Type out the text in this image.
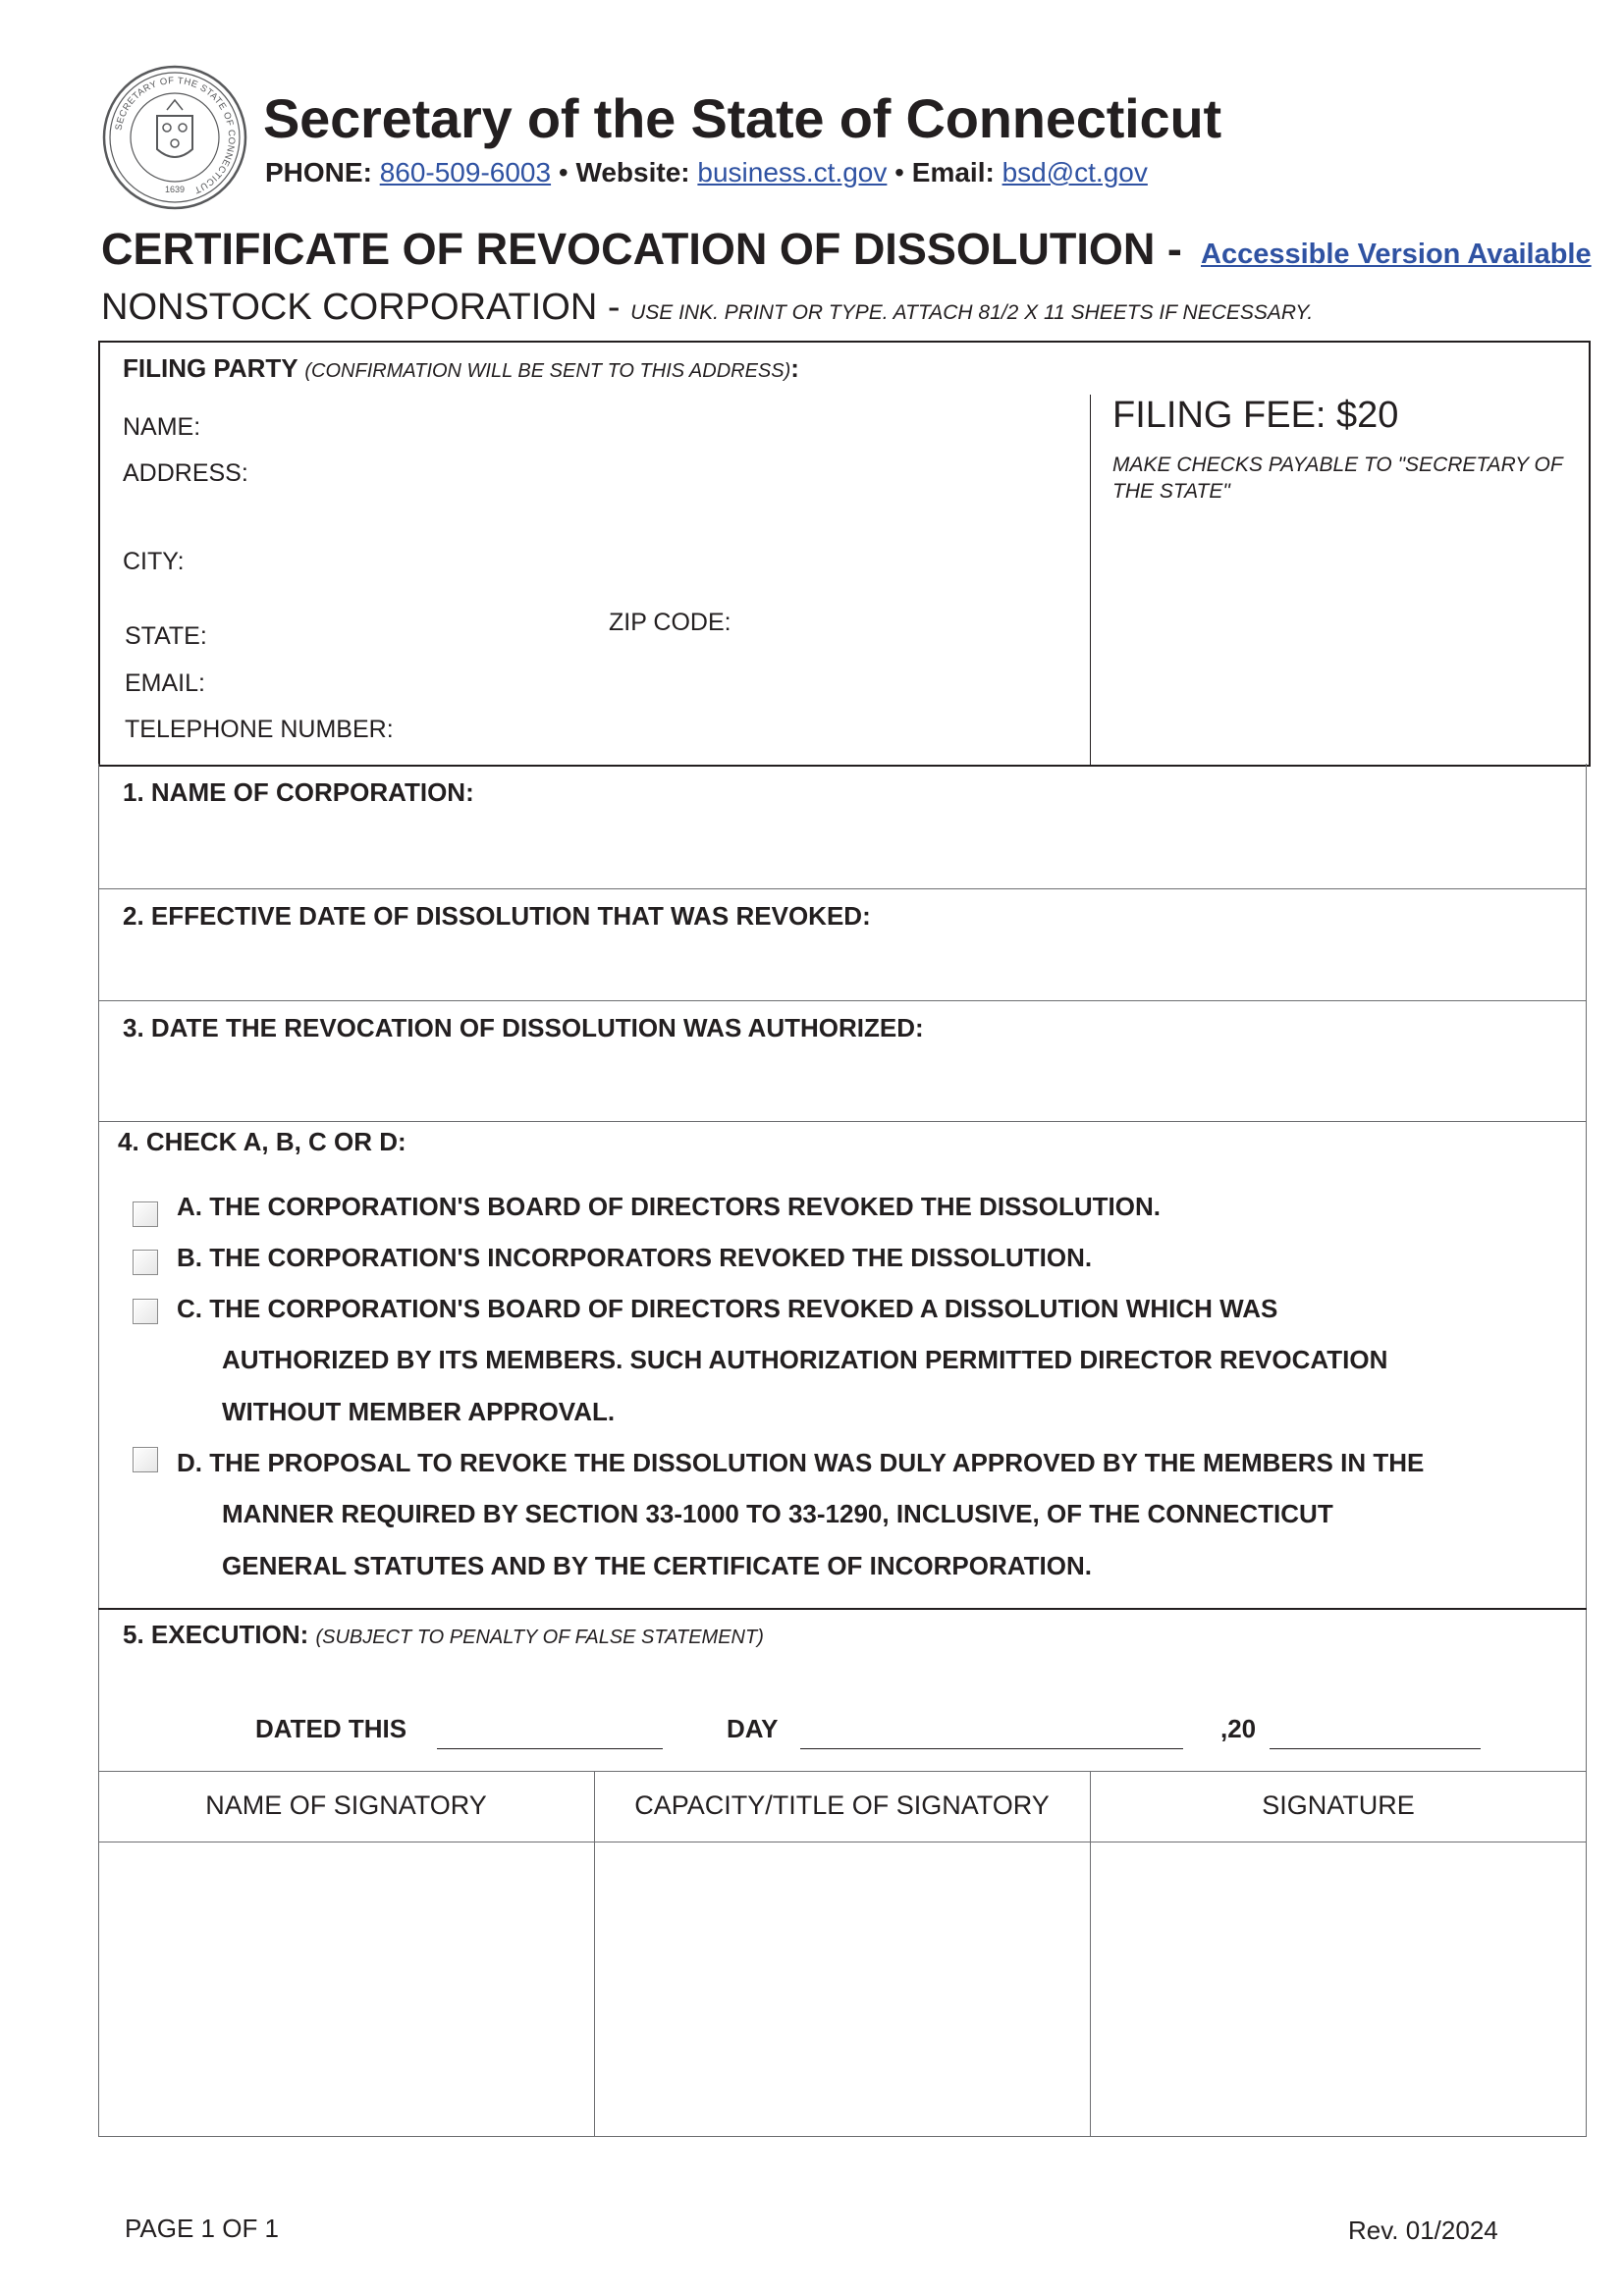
SECRETARY OF THE STATE OF CONNECTICUT
1639
Secretary of the State of Connecticut
PHONE: 860-509-6003 • Website: business.ct.gov • Email: bsd@ct.gov
CERTIFICATE OF REVOCATION OF DISSOLUTION - Accessible Version Available
NONSTOCK CORPORATION - USE INK. PRINT OR TYPE. ATTACH 81/2 X 11 SHEETS IF NECESSARY.
FILING PARTY (CONFIRMATION WILL BE SENT TO THIS ADDRESS):
NAME:
ADDRESS:
CITY:
STATE:	ZIP CODE:
EMAIL:
TELEPHONE NUMBER:
FILING FEE: $20
MAKE CHECKS PAYABLE TO "SECRETARY OF THE STATE"
1. NAME OF CORPORATION:
2. EFFECTIVE DATE OF DISSOLUTION THAT WAS REVOKED:
3. DATE THE REVOCATION OF DISSOLUTION WAS AUTHORIZED:
4. CHECK A, B, C OR D:
A. THE CORPORATION'S BOARD OF DIRECTORS REVOKED THE DISSOLUTION.
B. THE CORPORATION'S INCORPORATORS REVOKED THE DISSOLUTION.
C. THE CORPORATION'S BOARD OF DIRECTORS REVOKED A DISSOLUTION WHICH WAS
AUTHORIZED BY ITS MEMBERS. SUCH AUTHORIZATION PERMITTED DIRECTOR REVOCATION
WITHOUT MEMBER APPROVAL.
D. THE PROPOSAL TO REVOKE THE DISSOLUTION WAS DULY APPROVED BY THE MEMBERS IN THE
MANNER REQUIRED BY SECTION 33-1000 TO 33-1290, INCLUSIVE, OF THE CONNECTICUT
GENERAL STATUTES AND BY THE CERTIFICATE OF INCORPORATION.
5. EXECUTION: (SUBJECT TO PENALTY OF FALSE STATEMENT)
DATED THIS	DAY	,20
NAME OF SIGNATORY	CAPACITY/TITLE OF SIGNATORY	SIGNATURE
PAGE 1 OF 1	Rev. 01/2024
